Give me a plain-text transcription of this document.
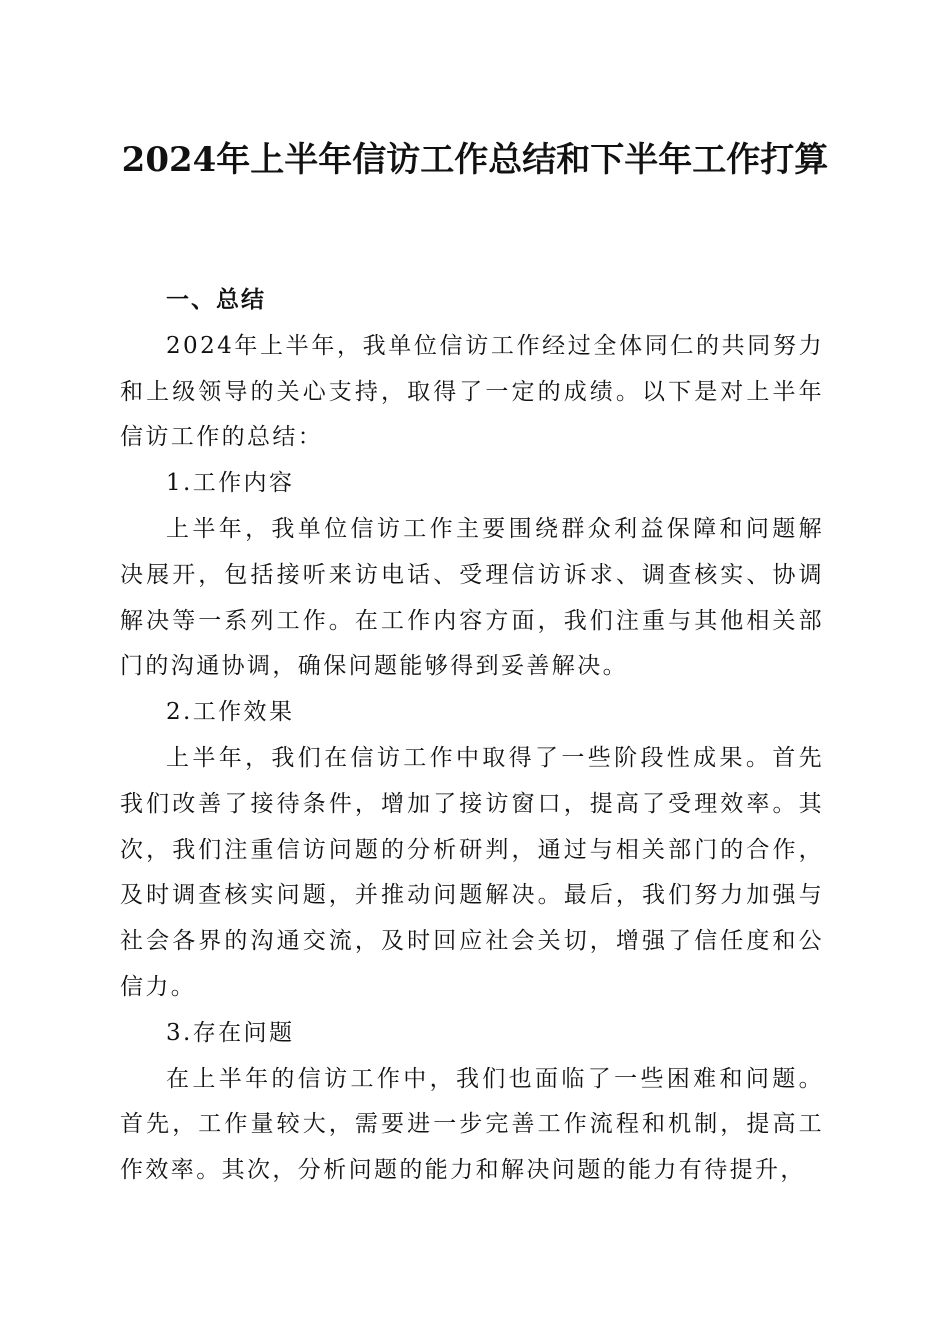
2024年上半年信访工作总结和下半年工作打算
一、总结

2024年上半年，我单位信访工作经过全体同仁的共同努力和上级领导的关心支持，取得了一定的成绩。以下是对上半年信访工作的总结：

1.工作内容

上半年，我单位信访工作主要围绕群众利益保障和问题解决展开，包括接听来访电话、受理信访诉求、调查核实、协调解决等一系列工作。在工作内容方面，我们注重与其他相关部门的沟通协调，确保问题能够得到妥善解决。

2.工作效果

上半年，我们在信访工作中取得了一些阶段性成果。首先我们改善了接待条件，增加了接访窗口，提高了受理效率。其次，我们注重信访问题的分析研判，通过与相关部门的合作，及时调查核实问题，并推动问题解决。最后，我们努力加强与社会各界的沟通交流，及时回应社会关切，增强了信任度和公信力。

3.存在问题

在上半年的信访工作中，我们也面临了一些困难和问题。首先，工作量较大，需要进一步完善工作流程和机制，提高工作效率。其次，分析问题的能力和解决问题的能力有待提升，
